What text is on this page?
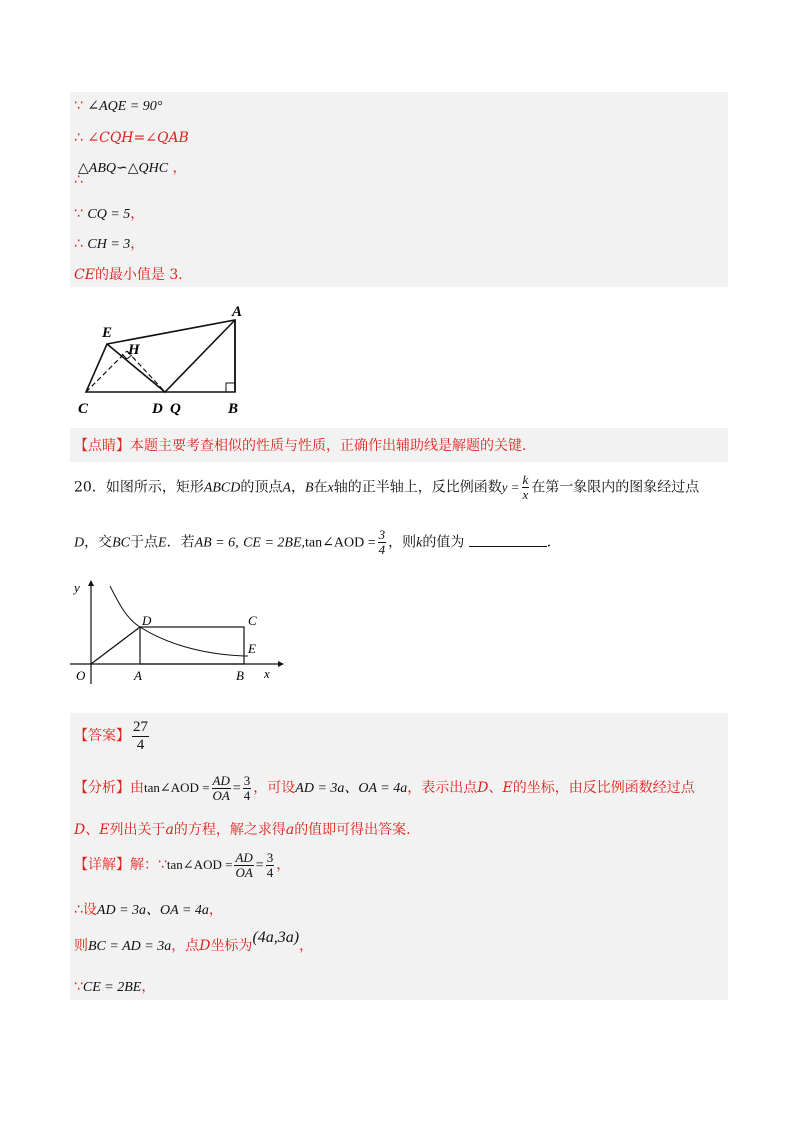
∵ ∠AQE = 90°
∴ ∠CQH=∠QAB
△ABQ∽△QHC ，
∴
∵ CQ = 5，
∴ CH = 3，
CE的最小值是 3.
A
E
H
C	D Q	B
【点睛】本题主要考查相似的性质与性质，正确作出辅助线是解题的关键.
20．如图所示，矩形ABCD的顶点A，B在x轴的正半轴上，反比例函数$y = \frac{k}{x}$ 在第一象限内的图象经过点
D，交BC于点E．若AB = 6, CE = 2BE,tan∠AOD = $\frac{3}{4}$ ，则k的值为	．
y
x
O	A	B
C
D
E
【答案】 $\frac{27}{4}$
【分析】由tan∠AOD = $\frac{AD}{OA} = \frac{3}{4}$ ，可设AD = 3a、OA = 4a，表示出点D、E的坐标，由反比例函数经过点
D、E列出关于a的方程，解之求得a的值即可得出答案.
【详解】解：∵tan∠AOD = $\frac{AD}{OA} = \frac{3}{4}$ ，
∴设AD = 3a、OA = 4a，
则BC = AD = 3a，点D坐标为(4a,3a)，
∵CE = 2BE，
